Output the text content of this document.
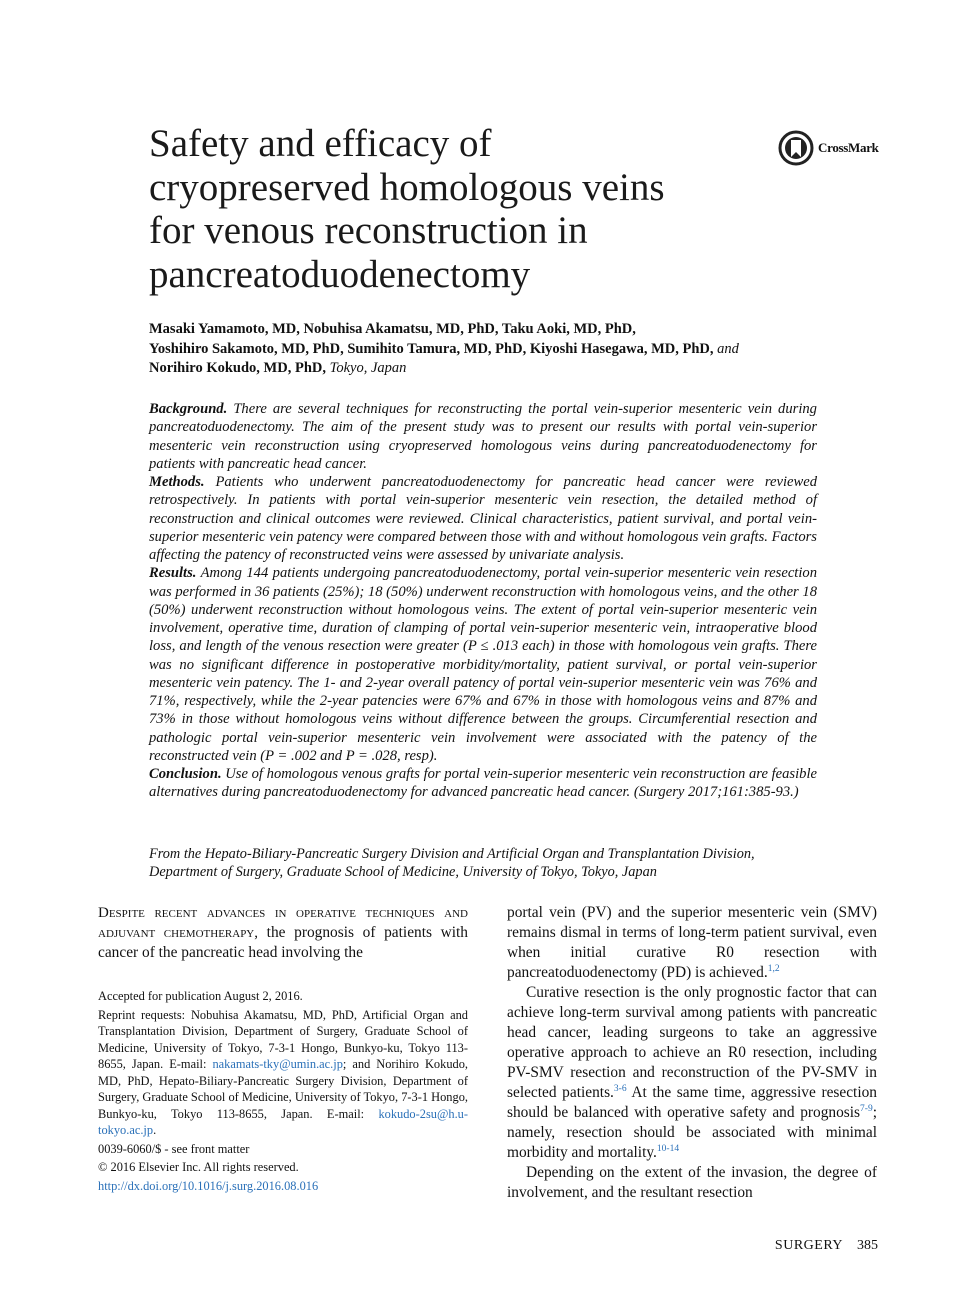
Safety and efficacy of
cryopreserved homologous veins
for venous reconstruction in
pancreatoduodenectomy
CrossMark
Masaki Yamamoto, MD, Nobuhisa Akamatsu, MD, PhD, Taku Aoki, MD, PhD,
Yoshihiro Sakamoto, MD, PhD, Sumihito Tamura, MD, PhD, Kiyoshi Hasegawa, MD, PhD, and
Norihiro Kokudo, MD, PhD, Tokyo, Japan

Background. There are several techniques for reconstructing the portal vein-superior mesenteric vein during pancreatoduodenectomy. The aim of the present study was to present our results with portal vein-superior mesenteric vein reconstruction using cryopreserved homologous veins during pancreatoduodenectomy for patients with pancreatic head cancer.

Methods. Patients who underwent pancreatoduodenectomy for pancreatic head cancer were reviewed retrospectively. In patients with portal vein-superior mesenteric vein resection, the detailed method of reconstruction and clinical outcomes were reviewed. Clinical characteristics, patient survival, and portal vein-superior mesenteric vein patency were compared between those with and without homologous vein grafts. Factors affecting the patency of reconstructed veins were assessed by univariate analysis.

Results. Among 144 patients undergoing pancreatoduodenectomy, portal vein-superior mesenteric vein resection was performed in 36 patients (25%); 18 (50%) underwent reconstruction with homologous veins, and the other 18 (50%) underwent reconstruction without homologous veins. The extent of portal vein-superior mesenteric vein involvement, operative time, duration of clamping of portal vein-superior mesenteric vein, intraoperative blood loss, and length of the venous resection were greater (P ≤ .013 each) in those with homologous vein grafts. There was no significant difference in postoperative morbidity/mortality, patient survival, or portal vein-superior mesenteric vein patency. The 1- and 2-year overall patency of portal vein-superior mesenteric vein was 76% and 71%, respectively, while the 2-year patencies were 67% and 67% in those with homologous veins and 87% and 73% in those without homologous veins without difference between the groups. Circumferential resection and pathologic portal vein-superior mesenteric vein involvement were associated with the patency of the reconstructed vein (P = .002 and P = .028, resp).

Conclusion. Use of homologous venous grafts for portal vein-superior mesenteric vein reconstruction are feasible alternatives during pancreatoduodenectomy for advanced pancreatic head cancer. (Surgery 2017;161:385-93.)

From the Hepato-Biliary-Pancreatic Surgery Division and Artificial Organ and Transplantation Division, Department of Surgery, Graduate School of Medicine, University of Tokyo, Tokyo, Japan

Despite recent advances in operative techniques and adjuvant chemotherapy, the prognosis of patients with cancer of the pancreatic head involving the

Accepted for publication August 2, 2016.

Reprint requests: Nobuhisa Akamatsu, MD, PhD, Artificial Organ and Transplantation Division, Department of Surgery, Graduate School of Medicine, University of Tokyo, 7-3-1 Hongo, Bunkyo-ku, Tokyo 113-8655, Japan. E-mail: nakamats-tky@umin.ac.jp; and Norihiro Kokudo, MD, PhD, Hepato-Biliary-Pancreatic Surgery Division, Department of Surgery, Graduate School of Medicine, University of Tokyo, 7-3-1 Hongo, Bunkyo-ku, Tokyo 113-8655, Japan. E-mail: kokudo-2su@h.u-tokyo.ac.jp.

0039-6060/$ - see front matter

© 2016 Elsevier Inc. All rights reserved.

http://dx.doi.org/10.1016/j.surg.2016.08.016

portal vein (PV) and the superior mesenteric vein (SMV) remains dismal in terms of long-term patient survival, even when initial curative R0 resection with pancreatoduodenectomy (PD) is achieved.$^{1,2}$

Curative resection is the only prognostic factor that can achieve long-term survival among patients with pancreatic head cancer, leading surgeons to take an aggressive operative approach to achieve an R0 resection, including PV-SMV resection and reconstruction of the PV-SMV in selected patients.$^{3-6}$ At the same time, aggressive resection should be balanced with operative safety and prognosis$^{7-9}$; namely, resection should be associated with minimal morbidity and mortality.$^{10-14}$

Depending on the extent of the invasion, the degree of involvement, and the resultant resection

SURGERY 385
